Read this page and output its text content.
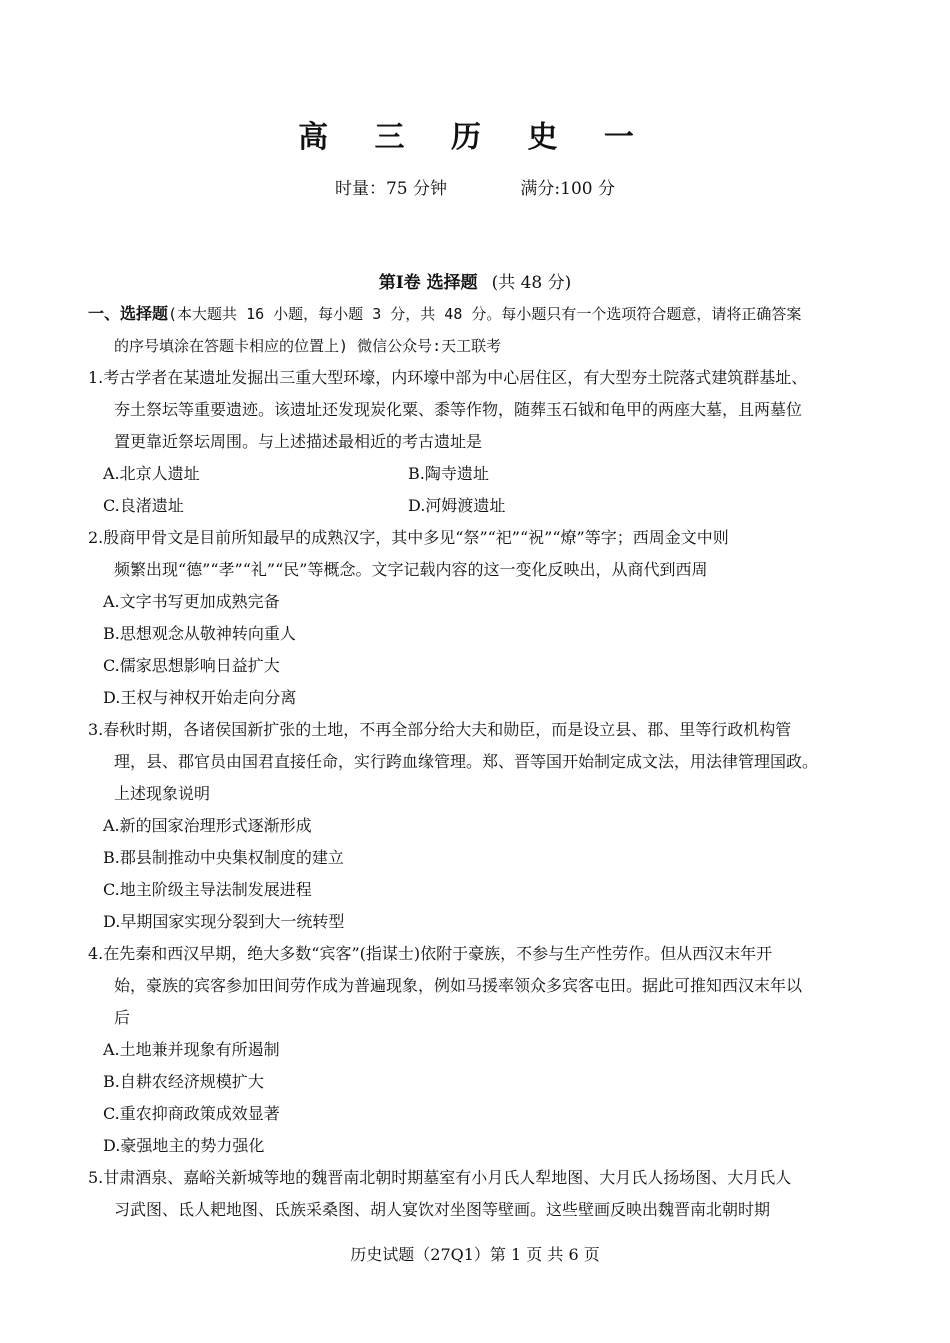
高 三 历 史 一
时量：75 分钟	满分:100 分
第Ⅰ卷 选择题 (共 48 分)
一、选择题(本大题共 16 小题，每小题 3 分，共 48 分。每小题只有一个选项符合题意，请将正确答案
的序号填涂在答题卡相应的位置上) 微信公众号:天工联考
1.考古学者在某遗址发掘出三重大型环壕，内环壕中部为中心居住区，有大型夯土院落式建筑群基址、
夯土祭坛等重要遗迹。该遗址还发现炭化粟、黍等作物，随葬玉石钺和龟甲的两座大墓，且两墓位
置更靠近祭坛周围。与上述描述最相近的考古遗址是
A.北京人遗址	B.陶寺遗址
C.良渚遗址	D.河姆渡遗址
2.殷商甲骨文是目前所知最早的成熟汉字，其中多见“祭”“祀”“祝”“燎”等字；西周金文中则
频繁出现“德”“孝”“礼”“民”等概念。文字记载内容的这一变化反映出，从商代到西周
A.文字书写更加成熟完备
B.思想观念从敬神转向重人
C.儒家思想影响日益扩大
D.王权与神权开始走向分离
3.春秋时期，各诸侯国新扩张的土地，不再全部分给大夫和勋臣，而是设立县、郡、里等行政机构管
理，县、郡官员由国君直接任命，实行跨血缘管理。郑、晋等国开始制定成文法，用法律管理国政。
上述现象说明
A.新的国家治理形式逐渐形成
B.郡县制推动中央集权制度的建立
C.地主阶级主导法制发展进程
D.早期国家实现分裂到大一统转型
4.在先秦和西汉早期，绝大多数“宾客”(指谋士)依附于豪族，不参与生产性劳作。但从西汉末年开
始，豪族的宾客参加田间劳作成为普遍现象，例如马援率领众多宾客屯田。据此可推知西汉末年以
后
A.土地兼并现象有所遏制
B.自耕农经济规模扩大
C.重农抑商政策成效显著
D.豪强地主的势力强化
5.甘肃酒泉、嘉峪关新城等地的魏晋南北朝时期墓室有小月氏人犁地图、大月氏人扬场图、大月氏人
习武图、氐人耙地图、氐族采桑图、胡人宴饮对坐图等壁画。这些壁画反映出魏晋南北朝时期
历史试题（27Q1）第 1 页 共 6 页
